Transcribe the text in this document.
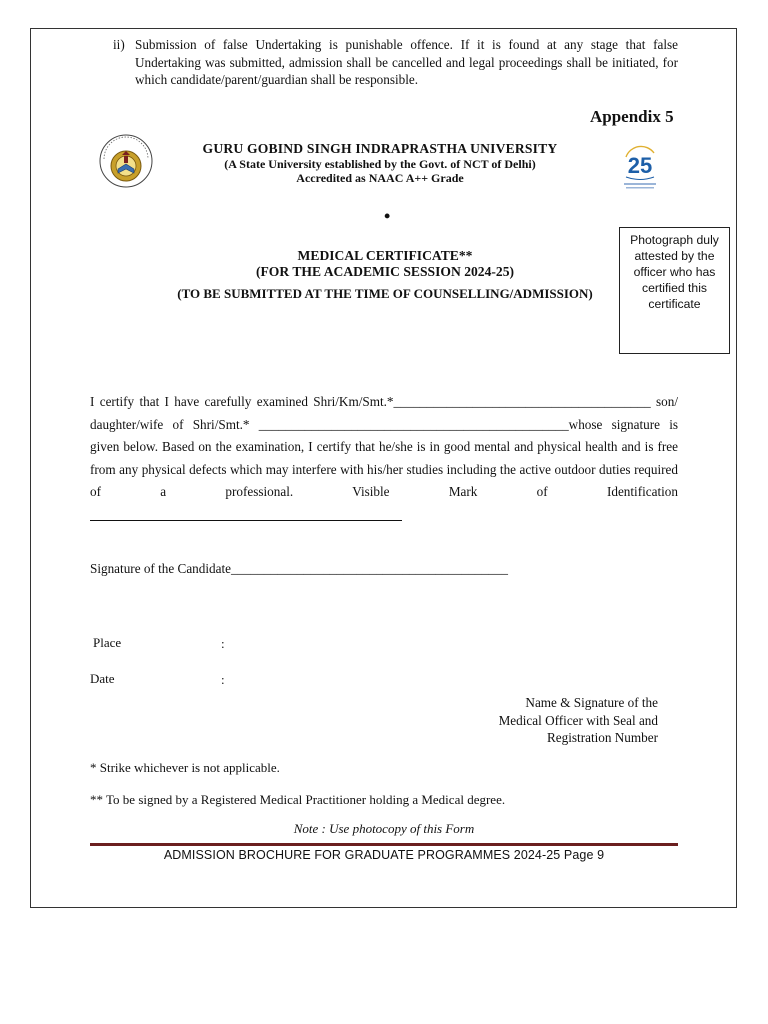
ii) Submission of false Undertaking is punishable offence. If it is found at any stage that false Undertaking was submitted, admission shall be cancelled and legal proceedings shall be initiated, for which candidate/parent/guardian shall be responsible.
Appendix 5
GURU GOBIND SINGH INDRAPRASTHA UNIVERSITY
(A State University established by the Govt. of NCT of Delhi)
Accredited as NAAC A++ Grade	25
•
MEDICAL CERTIFICATE**
(FOR THE ACADEMIC SESSION 2024-25)
(TO BE SUBMITTED AT THE TIME OF COUNSELLING/ADMISSION)
Photograph duly attested by the officer who has certified this certificate
I certify that I have carefully examined Shri/Km/Smt.*_______________________________________ son/ daughter/wife of Shri/Smt.* _______________________________________________whose signature is given below. Based on the examination, I certify that he/she is in good mental and physical health and is free from any physical defects which may interfere with his/her studies including the active outdoor duties required of a professional. Visible Mark of Identification
Signature of the Candidate__________________________________________
Place	:
Date	:
Name & Signature of the
Medical Officer with Seal and
Registration Number
* Strike whichever is not applicable.
** To be signed by a Registered Medical Practitioner holding a Medical degree.
Note : Use photocopy of this Form
ADMISSION BROCHURE FOR GRADUATE PROGRAMMES 2024-25 Page 9
